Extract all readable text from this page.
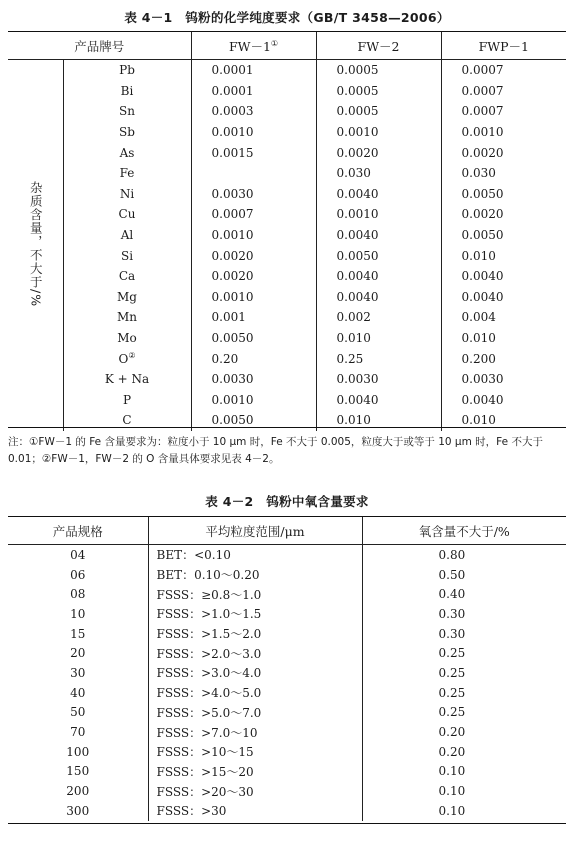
表 4－1　钨粉的化学纯度要求（GB/T 3458—2006）
产品牌号		FW－1①	FW－2	FWP－1
杂质含量，不大于/%	Pb	0.0001	0.0005	0.0007
	Bi	0.0001	0.0005	0.0007
	Sn	0.0003	0.0005	0.0007
	Sb	0.0010	0.0010	0.0010
	As	0.0015	0.0020	0.0020
	Fe		0.030	0.030
	Ni	0.0030	0.0040	0.0050
	Cu	0.0007	0.0010	0.0020
	Al	0.0010	0.0040	0.0050
	Si	0.0020	0.0050	0.010
	Ca	0.0020	0.0040	0.0040
	Mg	0.0010	0.0040	0.0040
	Mn	0.001	0.002	0.004
	Mo	0.0050	0.010	0.010
	O②	0.20	0.25	0.200
	K + Na	0.0030	0.0030	0.0030
	P	0.0010	0.0040	0.0040
	C	0.0050	0.010	0.010
注：①FW－1 的 Fe 含量要求为：粒度小于 10 μm 时，Fe 不大于 0.005，粒度大于或等于 10 μm 时，Fe 不大于 0.01；②FW－1，FW－2 的 O 含量具体要求见表 4－2。
表 4－2　钨粉中氧含量要求
产品规格	平均粒度范围/μm	氧含量不大于/%
04	BET：<0.10	0.80
06	BET：0.10～0.20	0.50
08	FSSS：≥0.8～1.0	0.40
10	FSSS：>1.0～1.5	0.30
15	FSSS：>1.5～2.0	0.30
20	FSSS：>2.0～3.0	0.25
30	FSSS：>3.0～4.0	0.25
40	FSSS：>4.0～5.0	0.25
50	FSSS：>5.0～7.0	0.25
70	FSSS：>7.0～10	0.20
100	FSSS：>10～15	0.20
150	FSSS：>15～20	0.10
200	FSSS：>20～30	0.10
300	FSSS：>30	0.10
